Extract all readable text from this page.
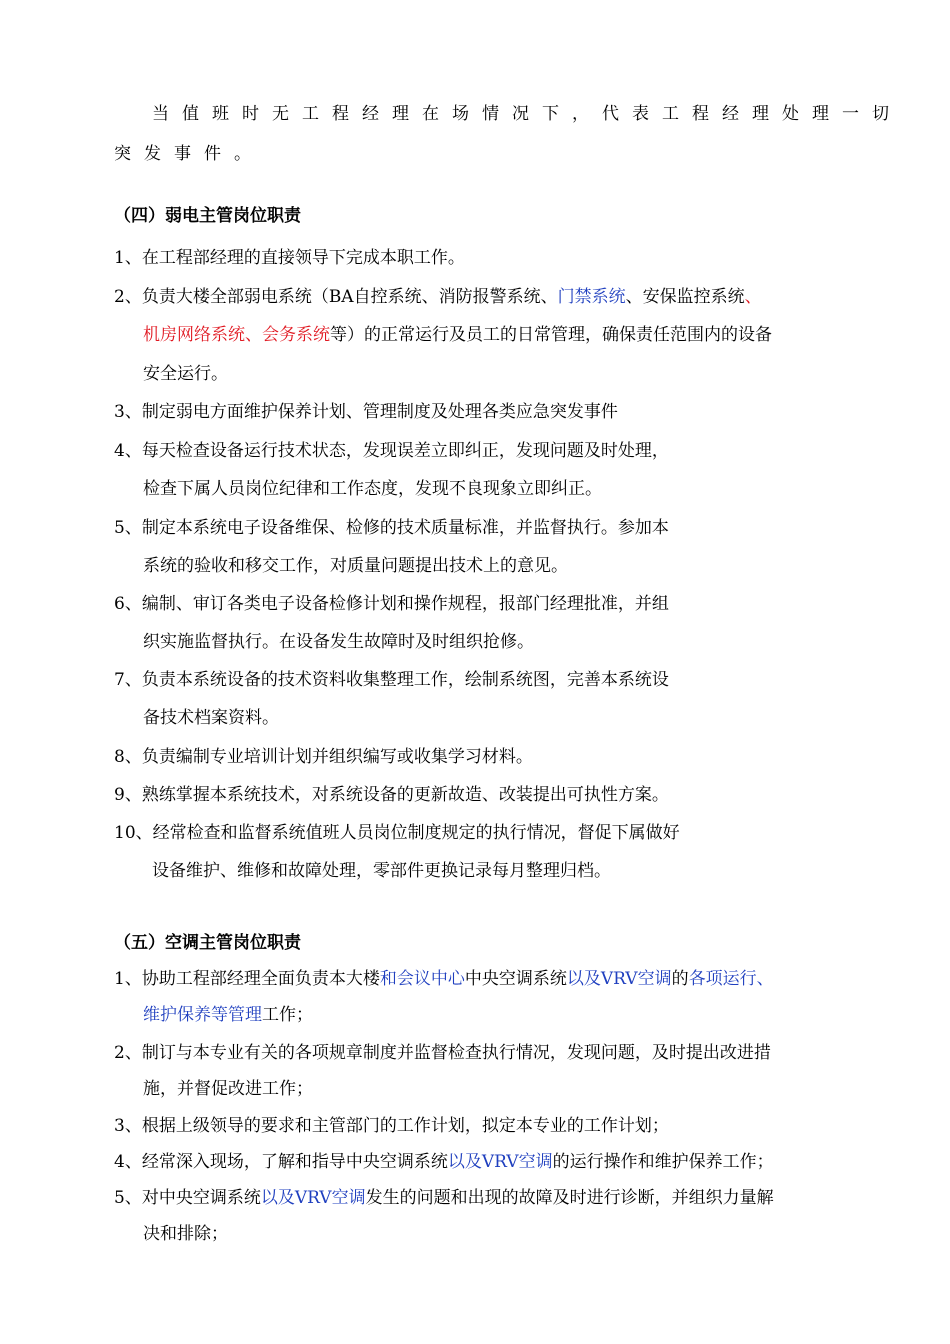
当值班时无工程经理在场情况下，代表工程经理处理一切
突发事件。
（四）弱电主管岗位职责
1、在工程部经理的直接领导下完成本职工作。
2、负责大楼全部弱电系统（BA自控系统、消防报警系统、门禁系统、安保监控系统、
机房网络系统、会务系统等）的正常运行及员工的日常管理，确保责任范围内的设备
安全运行。
3、制定弱电方面维护保养计划、管理制度及处理各类应急突发事件
4、每天检查设备运行技术状态，发现误差立即纠正，发现问题及时处理，
检查下属人员岗位纪律和工作态度，发现不良现象立即纠正。
5、制定本系统电子设备维保、检修的技术质量标准，并监督执行。参加本
系统的验收和移交工作，对质量问题提出技术上的意见。
6、编制、审订各类电子设备检修计划和操作规程，报部门经理批准，并组
织实施监督执行。在设备发生故障时及时组织抢修。
7、负责本系统设备的技术资料收集整理工作，绘制系统图，完善本系统设
备技术档案资料。
8、负责编制专业培训计划并组织编写或收集学习材料。
9、熟练掌握本系统技术，对系统设备的更新故造、改装提出可执性方案。
10、经常检查和监督系统值班人员岗位制度规定的执行情况，督促下属做好
设备维护、维修和故障处理，零部件更换记录每月整理归档。
（五）空调主管岗位职责
1、协助工程部经理全面负责本大楼和会议中心中央空调系统以及VRV空调的各项运行、
维护保养等管理工作；
2、制订与本专业有关的各项规章制度并监督检查执行情况，发现问题，及时提出改进措
施，并督促改进工作；
3、根据上级领导的要求和主管部门的工作计划，拟定本专业的工作计划；
4、经常深入现场，了解和指导中央空调系统以及VRV空调的运行操作和维护保养工作；
5、对中央空调系统以及VRV空调发生的问题和出现的故障及时进行诊断，并组织力量解
决和排除；
